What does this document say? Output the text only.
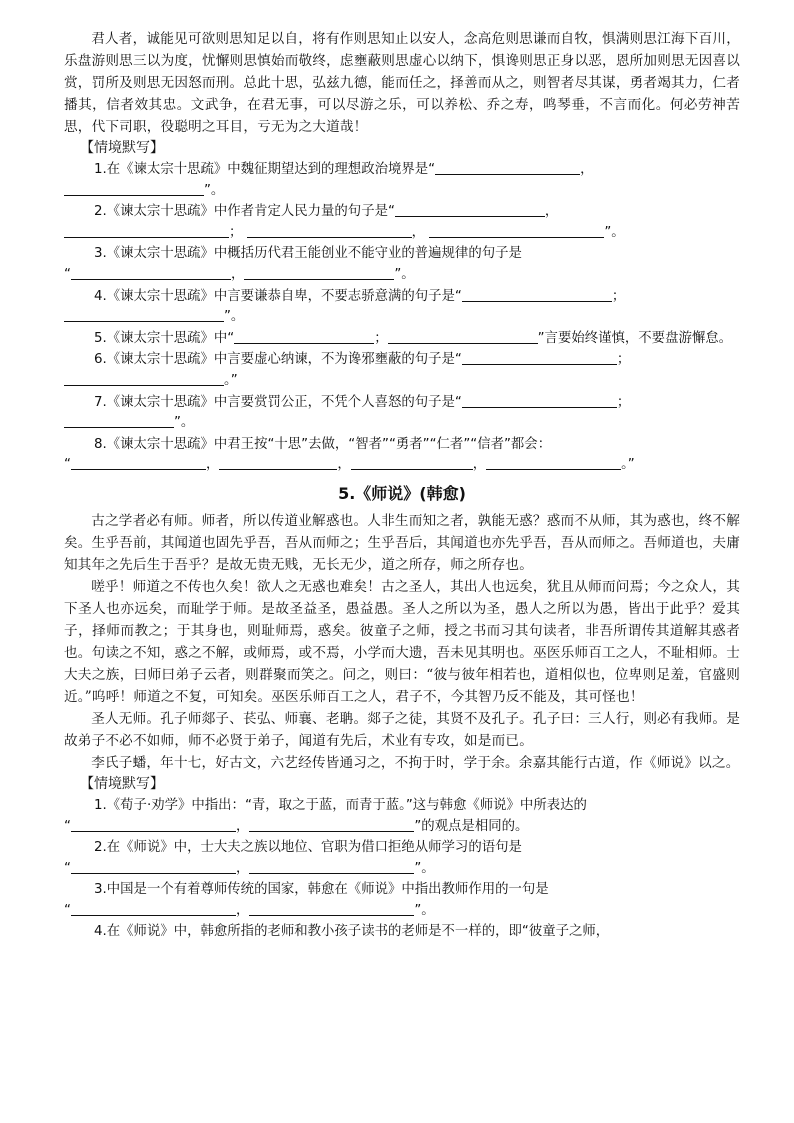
君人者，诚能见可欲则思知足以自，将有作则思知止以安人，念高危则思谦而自牧，惧满则思江海下百川，乐盘游则思三以为度，忧懈则思慎始而敬终，虑壅蔽则思虚心以纳下，惧谗则思正身以恶，恩所加则思无因喜以赏，罚所及则思无因怒而刑。总此十思，弘兹九德，能而任之，择善而从之，则智者尽其谋，勇者竭其力，仁者播其，信者效其忠。文武争，在君无事，可以尽游之乐，可以养松、乔之寿，鸣琴垂，不言而化。何必劳神苦思，代下司职，役聪明之耳目，亏无为之大道哉！

【情境默写】

1.在《谏太宗十思疏》中魏征期望达到的理想政治境界是“	，
”。
2.《谏太宗十思疏》中作者肯定人民力量的句子是“	，
；	，	”。
3.《谏太宗十思疏》中概括历代君王能创业不能守业的普遍规律的句子是
“	，	”。
4.《谏太宗十思疏》中言要谦恭自卑，不要志骄意满的句子是“	；
”。
5.《谏太宗十思疏》中“	；	”言要始终谨慎，不要盘游懈怠。
6.《谏太宗十思疏》中言要虚心纳谏，不为谗邪壅蔽的句子是“	；
。”
7.《谏太宗十思疏》中言要赏罚公正，不凭个人喜怒的句子是“	；
”。
8.《谏太宗十思疏》中君王按“十思”去做，“智者”“勇者”“仁者”“信者”都会：
“	，	，	，	。”
5.《师说》(韩愈)

古之学者必有师。师者，所以传道业解惑也。人非生而知之者，孰能无惑？惑而不从师，其为惑也，终不解矣。生乎吾前，其闻道也固先乎吾，吾从而师之；生乎吾后，其闻道也亦先乎吾，吾从而师之。吾师道也，夫庸知其年之先后生于吾乎？是故无贵无贱，无长无少，道之所存，师之所存也。

嗟乎！师道之不传也久矣！欲人之无惑也难矣！古之圣人，其出人也远矣，犹且从师而问焉；今之众人，其下圣人也亦远矣，而耻学于师。是故圣益圣，愚益愚。圣人之所以为圣，愚人之所以为愚，皆出于此乎？爱其子，择师而教之；于其身也，则耻师焉，惑矣。彼童子之师，授之书而习其句读者，非吾所谓传其道解其惑者也。句读之不知，惑之不解，或师焉，或不焉，小学而大遗，吾未见其明也。巫医乐师百工之人，不耻相师。士大夫之族，曰师曰弟子云者，则群聚而笑之。问之，则曰：“彼与彼年相若也，道相似也，位卑则足羞，官盛则近。”呜呼！师道之不复，可知矣。巫医乐师百工之人，君子不，今其智乃反不能及，其可怪也！

圣人无师。孔子师郯子、苌弘、师襄、老聃。郯子之徒，其贤不及孔子。孔子曰：三人行，则必有我师。是故弟子不必不如师，师不必贤于弟子，闻道有先后，术业有专攻，如是而已。

李氏子蟠，年十七，好古文，六艺经传皆通习之，不拘于时，学于余。余嘉其能行古道，作《师说》以之。

【情境默写】

1.《荀子·劝学》中指出：“青，取之于蓝，而青于蓝。”这与韩愈《师说》中所表达的
“	，	”的观点是相同的。
2.在《师说》中，士大夫之族以地位、官职为借口拒绝从师学习的语句是
“	，	”。
3.中国是一个有着尊师传统的国家，韩愈在《师说》中指出教师作用的一句是
“	，	”。
4.在《师说》中，韩愈所指的老师和教小孩子读书的老师是不一样的，即“彼童子之师，
